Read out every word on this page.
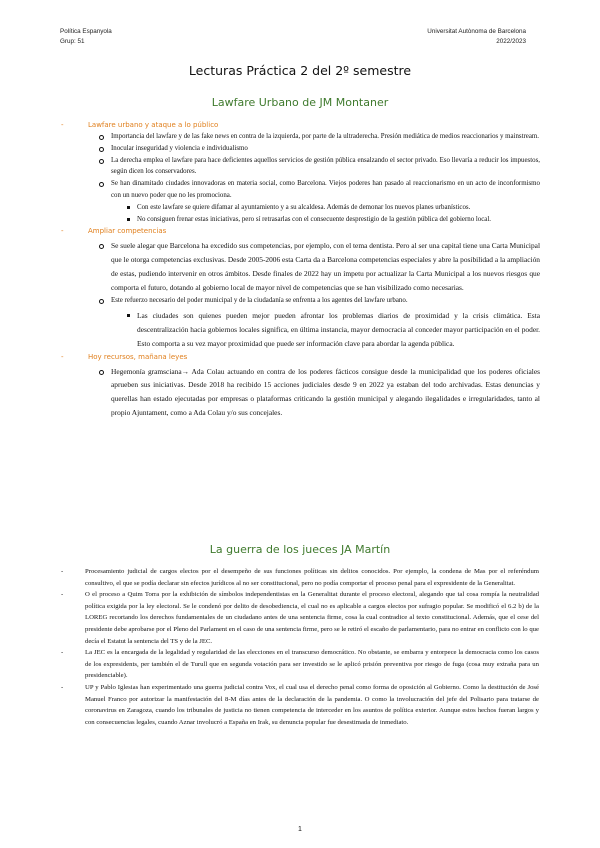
Política Espanyola
Grup: 51
Universitat Autònoma de Barcelona
2022/2023
Lecturas Práctica 2 del 2º semestre
Lawfare Urbano de JM Montaner
-	Lawfare urbano y ataque a lo público
Importancia del lawfare y de las fake news en contra de la izquierda, por parte de la ultraderecha. Presión mediática de medios reaccionarios y mainstream.
Inocular inseguridad y violencia e individualismo
La derecha emplea el lawfare para hace deficientes aquellos servicios de gestión pública ensalzando el sector privado. Eso llevaría a reducir los impuestos, según dicen los conservadores.
Se han dinamitado ciudades innovadoras en materia social, como Barcelona. Viejos poderes han pasado al reaccionarismo en un acto de inconformismo con un nuevo poder que no les promociona.
Con este lawfare se quiere difamar al ayuntamiento y a su alcaldesa. Además de demonar los nuevos planes urbanísticos.
No consiguen frenar estas iniciativas, pero sí retrasarlas con el consecuente desprestigio de la gestión pública del gobierno local.
-	Ampliar competencias
Se suele alegar que Barcelona ha excedido sus competencias, por ejemplo, con el tema dentista. Pero al ser una capital tiene una Carta Municipal que le otorga competencias exclusivas. Desde 2005-2006 esta Carta da a Barcelona competencias especiales y abre la posibilidad a la ampliación de estas, pudiendo intervenir en otros ámbitos. Desde finales de 2022 hay un ímpetu por actualizar la Carta Municipal a los nuevos riesgos que comporta el futuro, dotando al gobierno local de mayor nivel de competencias que se han visibilizado como necesarias.
Este refuerzo necesario del poder municipal y de la ciudadanía se enfrenta a los agentes del lawfare urbano.
Las ciudades son quienes pueden mejor pueden afrontar los problemas diarios de proximidad y la crisis climática. Esta descentralización hacia gobiernos locales significa, en última instancia, mayor democracia al conceder mayor participación en el poder. Esto comporta a su vez mayor proximidad que puede ser información clave para abordar la agenda pública.
-	Hoy recursos, mañana leyes
Hegemonía gramsciana→ Ada Colau actuando en contra de los poderes fácticos consigue desde la municipalidad que los poderes oficiales aprueben sus iniciativas. Desde 2018 ha recibido 15 acciones judiciales desde 9 en 2022 ya estaban del todo archivadas. Estas denuncias y querellas han estado ejecutadas por empresas o plataformas criticando la gestión municipal y alegando ilegalidades e irregularidades, tanto al propio Ajuntament, como a Ada Colau y/o sus concejales.
La guerra de los jueces JA Martín
-	Procesamiento judicial de cargos electos por el desempeño de sus funciones políticas sin delitos conocidos. Por ejemplo, la condena de Mas por el referéndum consultivo, el que se podía declarar sin efectos jurídicos al no ser constitucional, pero no podía comportar el proceso penal para el expresidente de la Generalitat.
-	O el proceso a Quim Torra por la exhibición de símbolos independentistas en la Generalitat durante el proceso electoral, alegando que tal cosa rompía la neutralidad política exigida por la ley electoral. Se le condenó por delito de desobediencia, el cual no es aplicable a cargos electos por sufragio popular. Se modificó el 6.2 b) de la LOREG recortando los derechos fundamentales de un ciudadano antes de una sentencia firme, cosa la cual contradice al texto constitucional. Además, que el cese del presidente debe aprobarse por el Pleno del Parlament en el caso de una sentencia firme, pero se le retiró el escaño de parlamentario, para no entrar en conflicto con lo que decía el Estatut la sentencia del TS y de la JEC.
-	La JEC es la encargada de la legalidad y regularidad de las elecciones en el transcurso democrático. No obstante, se embarra y entorpece la democracia como los casos de los expresidents, per también el de Turull que en segunda votación para ser investido se le aplicó prisión preventiva por riesgo de fuga (cosa muy extraña para un presidenciable).
-	UP y Pablo Iglesias han experimentado una guerra judicial contra Vox, el cual usa el derecho penal como forma de oposición al Gobierno. Como la destitución de José Manuel Franco por autorizar la manifestación del 8-M días antes de la declaración de la pandemia. O como la involucración del jefe del Polisario para tratarse de coronavirus en Zaragoza, cuando los tribunales de justicia no tienen competencia de interceder en los asuntos de política exterior. Aunque estos hechos fueran largos y con consecuencias legales, cuando Aznar involucró a España en Irak, su denuncia popular fue desestimada de inmediato.
1
